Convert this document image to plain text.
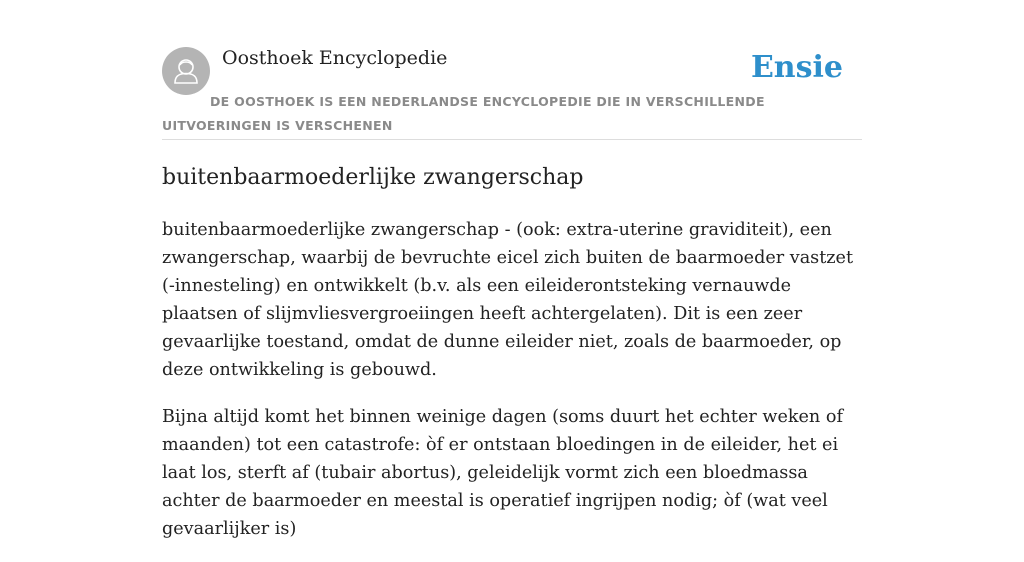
Oosthoek Encyclopedie	Ensie
DE OOSTHOEK IS EEN NEDERLANDSE ENCYCLOPEDIE DIE IN VERSCHILLENDE UITVOERINGEN IS VERSCHENEN
buitenbaarmoederlijke zwangerschap

buitenbaarmoederlijke zwangerschap - (ook: extra-uterine graviditeit), een zwangerschap, waarbij de bevruchte eicel zich buiten de baarmoeder vastzet (-innesteling) en ontwikkelt (b.v. als een eileiderontsteking vernauwde plaatsen of slijmvliesvergroeiingen heeft achtergelaten). Dit is een zeer gevaarlijke toestand, omdat de dunne eileider niet, zoals de baarmoeder, op deze ontwikkeling is gebouwd.

Bijna altijd komt het binnen weinige dagen (soms duurt het echter weken of maanden) tot een catastrofe: òf er ontstaan bloedingen in de eileider, het ei laat los, sterft af (tubair abortus), geleidelijk vormt zich een bloedmassa achter de baarmoeder en meestal is operatief ingrijpen nodig; òf (wat veel gevaarlijker is)
